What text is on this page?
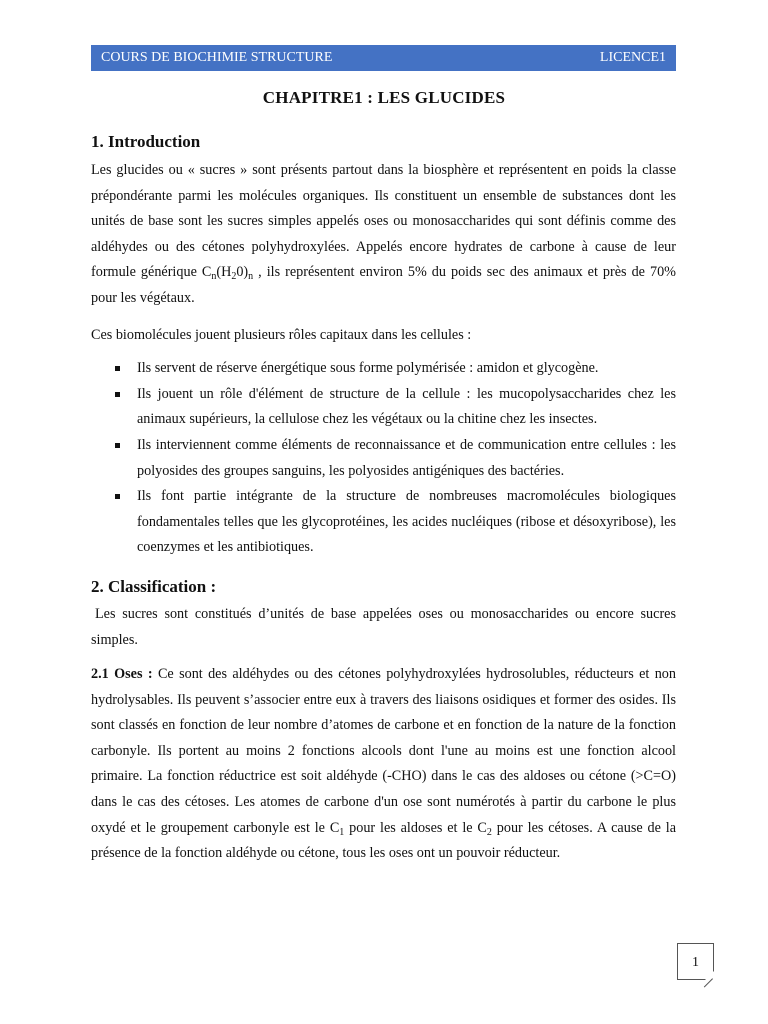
COURS DE BIOCHIMIE STRUCTURE	LICENCE1
CHAPITRE1 : LES GLUCIDES
1. Introduction

Les glucides ou « sucres » sont présents partout dans la biosphère et représentent en poids la classe prépondérante parmi les molécules organiques. Ils constituent un ensemble de substances dont les unités de base sont les sucres simples appelés oses ou monosaccharides qui sont définis comme des aldéhydes ou des cétones polyhydroxylées. Appelés encore hydrates de carbone à cause de leur formule générique $C_n(H_20)_n$ , ils représentent environ 5% du poids sec des animaux et près de 70% pour les végétaux.

Ces biomolécules jouent plusieurs rôles capitaux dans les cellules :

Ils servent de réserve énergétique sous forme polymérisée : amidon et glycogène.
Ils jouent un rôle d'élément de structure de la cellule : les mucopolysaccharides chez les animaux supérieurs, la cellulose chez les végétaux ou la chitine chez les insectes.
Ils interviennent comme éléments de reconnaissance et de communication entre cellules : les polyosides des groupes sanguins, les polyosides antigéniques des bactéries.
Ils font partie intégrante de la structure de nombreuses macromolécules biologiques fondamentales telles que les glycoprotéines, les acides nucléiques (ribose et désoxyribose), les coenzymes et les antibiotiques.
2. Classification :

Les sucres sont constitués d’unités de base appelées oses ou monosaccharides ou encore sucres simples.

2.1 Oses : Ce sont des aldéhydes ou des cétones polyhydroxylées hydrosolubles, réducteurs et non hydrolysables. Ils peuvent s’associer entre eux à travers des liaisons osidiques et former des osides. Ils sont classés en fonction de leur nombre d’atomes de carbone et en fonction de la nature de la fonction carbonyle. Ils portent au moins 2 fonctions alcools dont l'une au moins est une fonction alcool primaire. La fonction réductrice est soit aldéhyde (-CHO) dans le cas des aldoses ou cétone (>C=O) dans le cas des cétoses. Les atomes de carbone d'un ose sont numérotés à partir du carbone le plus oxydé et le groupement carbonyle est le $C_1$ pour les aldoses et le $C_2$ pour les cétoses. A cause de la présence de la fonction aldéhyde ou cétone, tous les oses ont un pouvoir réducteur.

1
